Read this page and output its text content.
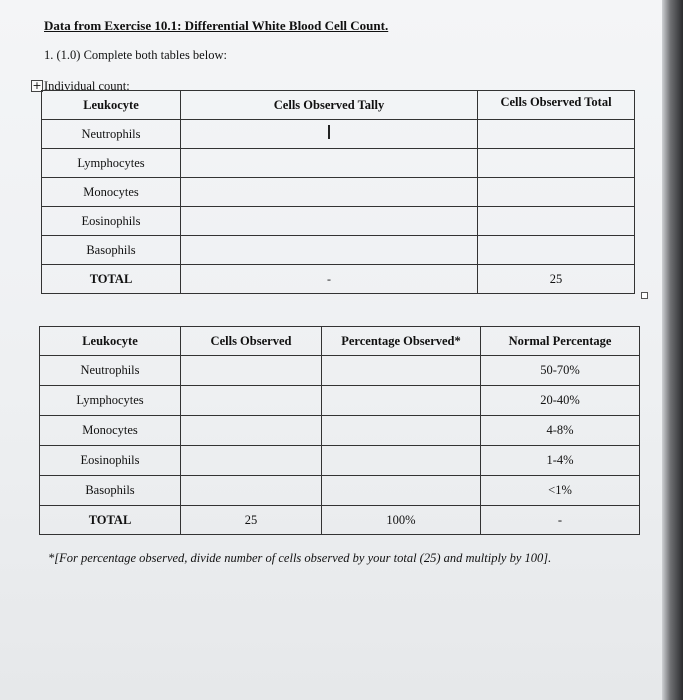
Data from Exercise 10.1: Differential White Blood Cell Count.
1. (1.0) Complete both tables below:
+ Individual count:
Leukocyte	Cells Observed Tally	Cells Observed Total
Neutrophils		
Lymphocytes		
Monocytes		
Eosinophils		
Basophils		
TOTAL	-	25
Leukocyte	Cells Observed	Percentage Observed*	Normal Percentage
Neutrophils			50-70%
Lymphocytes			20-40%
Monocytes			4-8%
Eosinophils			1-4%
Basophils			<1%
TOTAL	25	100%	-
*[For percentage observed, divide number of cells observed by your total (25) and multiply by 100].
